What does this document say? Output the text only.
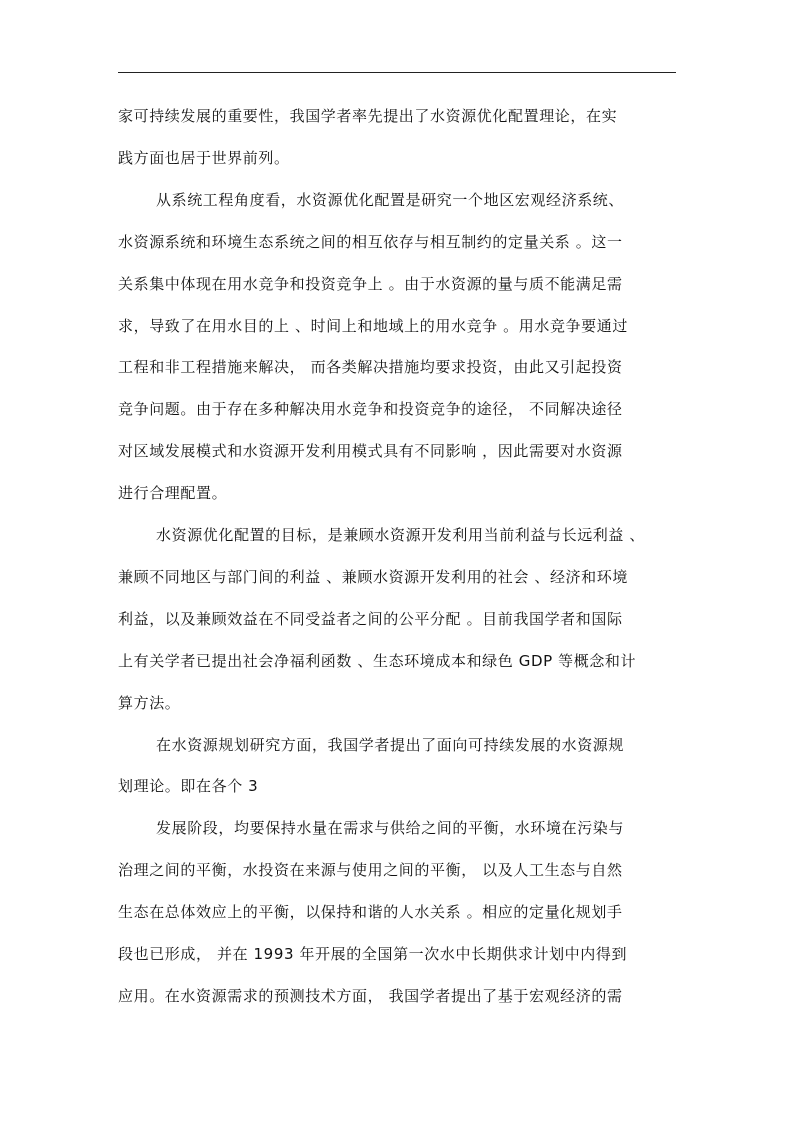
家可持续发展的重要性，我国学者率先提出了水资源优化配置理论，在实
践方面也居于世界前列。
从系统工程角度看，水资源优化配置是研究一个地区宏观经济系统、
水资源系统和环境生态系统之间的相互依存与相互制约的定量关系 。这一
关系集中体现在用水竞争和投资竞争上 。由于水资源的量与质不能满足需
求，导致了在用水目的上 、时间上和地域上的用水竞争 。用水竞争要通过
工程和非工程措施来解决， 而各类解决措施均要求投资，由此又引起投资
竞争问题。由于存在多种解决用水竞争和投资竞争的途径， 不同解决途径
对区域发展模式和水资源开发利用模式具有不同影响 ，因此需要对水资源
进行合理配置。
水资源优化配置的目标，是兼顾水资源开发利用当前利益与长远利益 、
兼顾不同地区与部门间的利益 、兼顾水资源开发利用的社会 、经济和环境
利益，以及兼顾效益在不同受益者之间的公平分配 。目前我国学者和国际
上有关学者已提出社会净福利函数 、生态环境成本和绿色 GDP 等概念和计
算方法。
在水资源规划研究方面，我国学者提出了面向可持续发展的水资源规
划理论。即在各个 3
发展阶段，均要保持水量在需求与供给之间的平衡，水环境在污染与
治理之间的平衡，水投资在来源与使用之间的平衡， 以及人工生态与自然
生态在总体效应上的平衡，以保持和谐的人水关系 。相应的定量化规划手
段也已形成， 并在 1993 年开展的全国第一次水中长期供求计划中内得到
应用。在水资源需求的预测技术方面， 我国学者提出了基于宏观经济的需
